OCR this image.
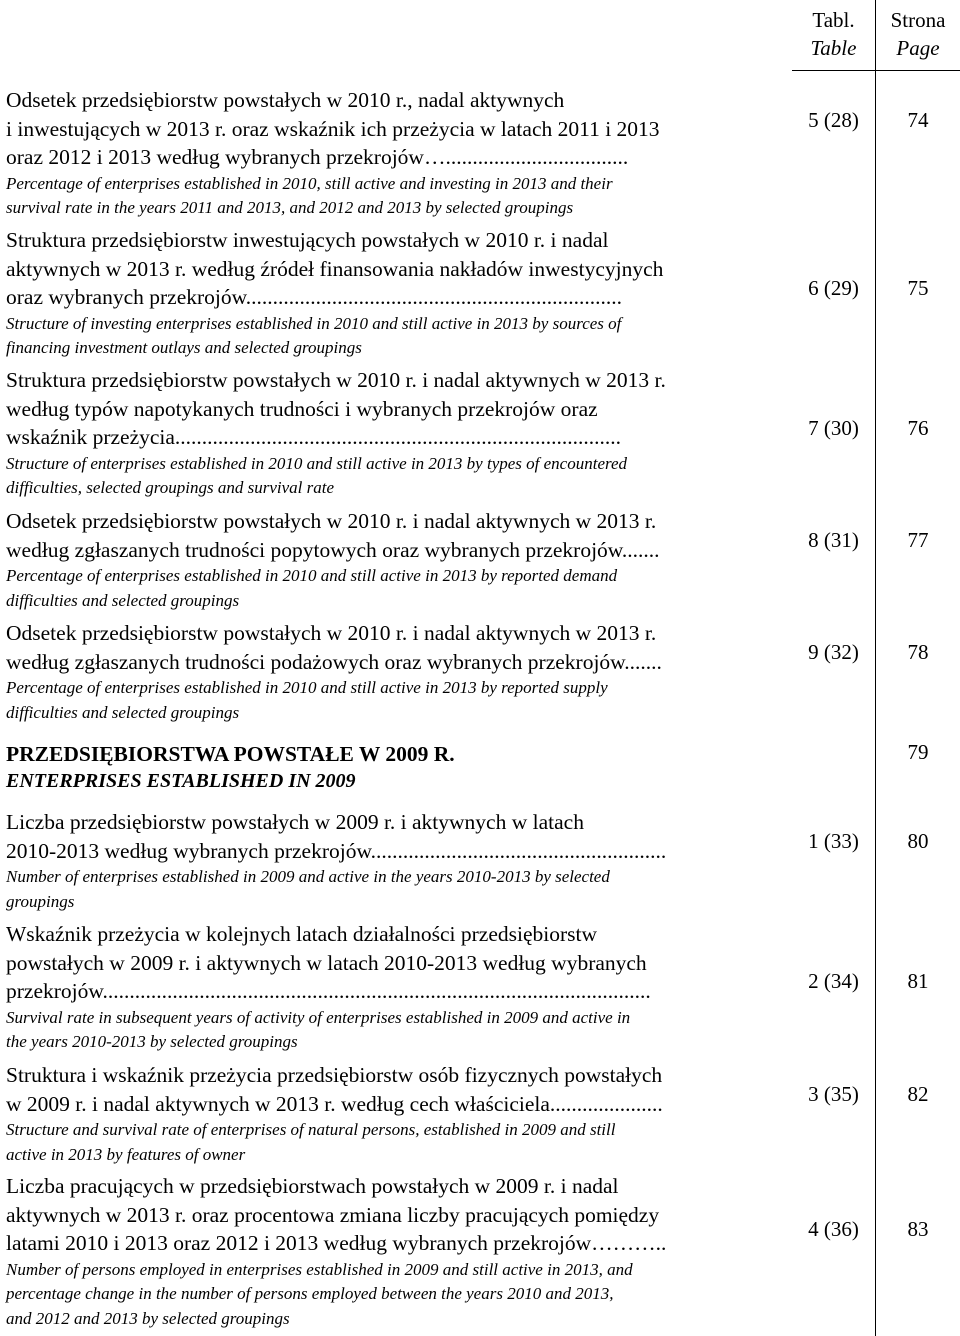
Tabl.
Table
Strona
Page

Odsetek przedsiębiorstw powstałych w 2010 r., nadal aktywnych

i inwestujących w 2013 r. oraz wskaźnik ich przeżycia w latach 2011 i 2013

oraz 2012 i 2013 według wybranych przekrojów…..................................

Percentage of enterprises established in 2010, still active and investing in 2013 and their

survival rate in the years 2011 and 2013, and 2012 and 2013 by selected groupings

5 (28)	74

Struktura przedsiębiorstw inwestujących powstałych w 2010 r. i nadal

aktywnych w 2013 r. według źródeł finansowania nakładów inwestycyjnych

oraz wybranych przekrojów......................................................................

Structure of investing enterprises established in 2010 and still active in 2013 by sources of

financing investment outlays and selected groupings

6 (29)	75

Struktura przedsiębiorstw powstałych w 2010 r. i nadal aktywnych w 2013 r.

według typów napotykanych trudności i wybranych przekrojów oraz

wskaźnik przeżycia...................................................................................

Structure of enterprises established in 2010 and still active in 2013 by types of encountered

difficulties, selected groupings and survival rate

7 (30)	76

Odsetek przedsiębiorstw powstałych w 2010 r. i nadal aktywnych w 2013 r.

według zgłaszanych trudności popytowych oraz wybranych przekrojów.......

Percentage of enterprises established in 2010 and still active in 2013 by reported demand

difficulties and selected groupings

8 (31)	77

Odsetek przedsiębiorstw powstałych w 2010 r. i nadal aktywnych w 2013 r.

według zgłaszanych trudności podażowych oraz wybranych przekrojów.......

Percentage of enterprises established in 2010 and still active in 2013 by reported supply

difficulties and selected groupings

9 (32)	78

PRZEDSIĘBIORSTWA POWSTAŁE W 2009 R.

ENTERPRISES ESTABLISHED IN 2009

79

Liczba przedsiębiorstw powstałych w 2009 r. i aktywnych w latach

2010-2013 według wybranych przekrojów.......................................................

Number of enterprises established in 2009 and active in the years 2010-2013 by selected

groupings

1 (33)	80

Wskaźnik przeżycia w kolejnych latach działalności przedsiębiorstw

powstałych w 2009 r. i aktywnych w latach 2010-2013 według wybranych

przekrojów......................................................................................................

Survival rate in subsequent years of activity of enterprises established in 2009 and active in

the years 2010-2013 by selected groupings

2 (34)	81

Struktura i wskaźnik przeżycia przedsiębiorstw osób fizycznych powstałych

w 2009 r. i nadal aktywnych w 2013 r. według cech właściciela.....................

Structure and survival rate of enterprises of natural persons, established in 2009 and still

active in 2013 by features of owner

3 (35)	82

Liczba pracujących w przedsiębiorstwach powstałych w 2009 r. i nadal

aktywnych w 2013 r. oraz procentowa zmiana liczby pracujących pomiędzy

latami 2010 i 2013 oraz 2012 i 2013 według wybranych przekrojów………..

Number of persons employed in enterprises established in 2009 and still active in 2013, and

percentage change in the number of persons employed between the years 2010 and 2013,

and 2012 and 2013 by selected groupings

4 (36)	83
